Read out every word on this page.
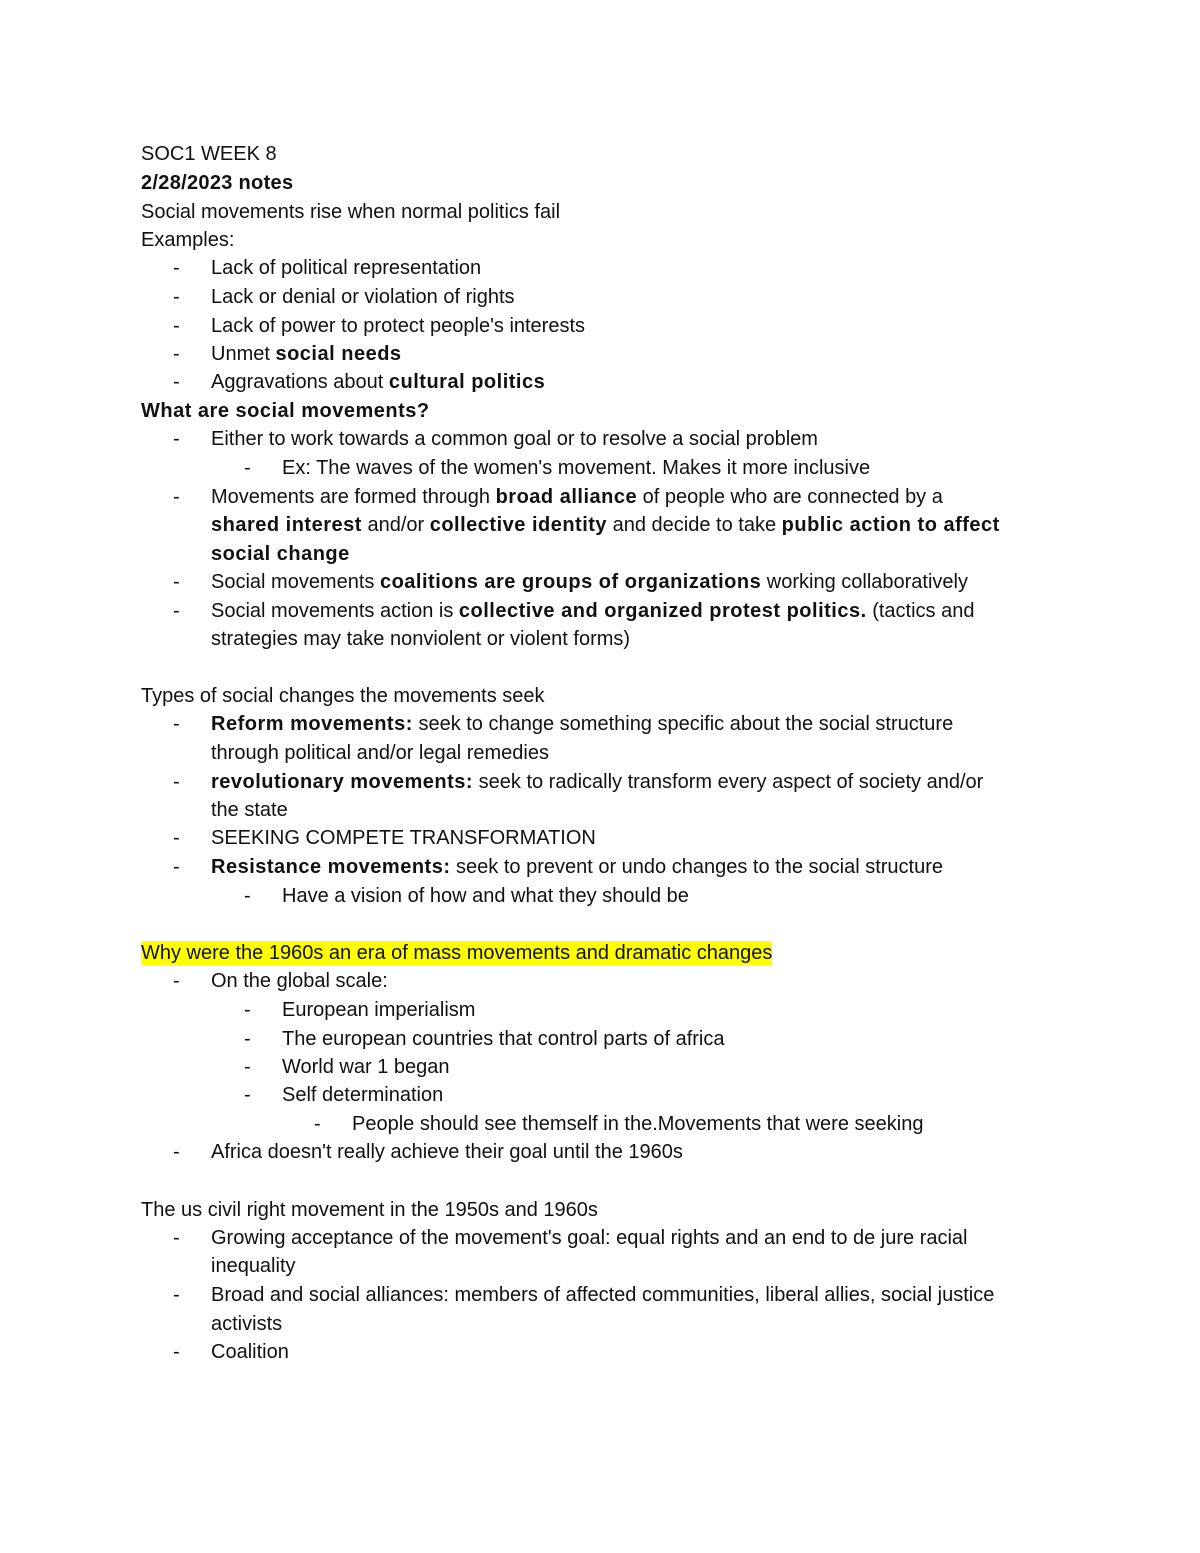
SOC1 WEEK 8
2/28/2023 notes
Social movements rise when normal politics fail
Examples:
- Lack of political representation
- Lack or denial or violation of rights
- Lack of power to protect people's interests
- Unmet social needs
- Aggravations about cultural politics
What are social movements?
- Either to work towards a common goal or to resolve a social problem
- Ex: The waves of the women's movement. Makes it more inclusive
- Movements are formed through broad alliance of people who are connected by a
shared interest and/or collective identity and decide to take public action to affect
social change
- Social movements coalitions are groups of organizations working collaboratively
- Social movements action is collective and organized protest politics. (tactics and
strategies may take nonviolent or violent forms)
Types of social changes the movements seek
- Reform movements: seek to change something specific about the social structure
through political and/or legal remedies
- revolutionary movements: seek to radically transform every aspect of society and/or
the state
- SEEKING COMPETE TRANSFORMATION
- Resistance movements: seek to prevent or undo changes to the social structure
- Have a vision of how and what they should be
Why were the 1960s an era of mass movements and dramatic changes
- On the global scale:
- European imperialism
- The european countries that control parts of africa
- World war 1 began
- Self determination
- People should see themself in the.Movements that were seeking
- Africa doesn't really achieve their goal until the 1960s
The us civil right movement in the 1950s and 1960s
- Growing acceptance of the movement's goal: equal rights and an end to de jure racial
inequality
- Broad and social alliances: members of affected communities, liberal allies, social justice
activists
- Coalition
